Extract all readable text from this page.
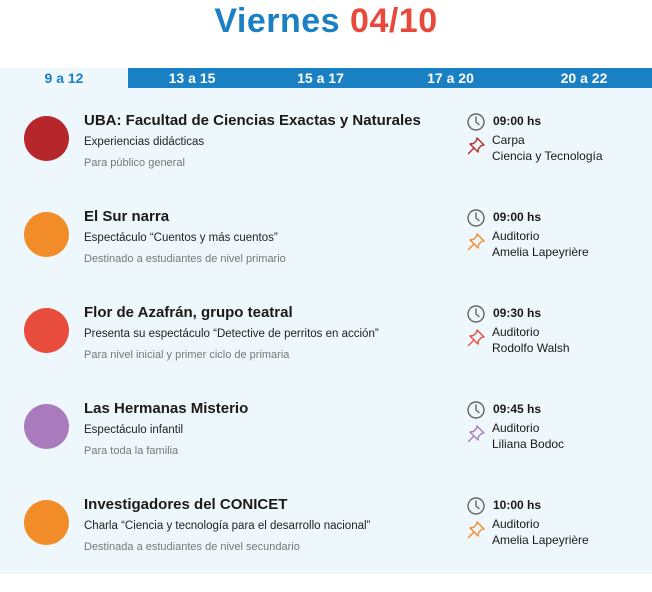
Viernes 04/10
9 a 12	13 a 15	15 a 17	17 a 20	20 a 22
UBA: Facultad de Ciencias Exactas y Naturales
Experiencias didácticas
Para público general
09:00 hs
Carpa
Ciencia y Tecnología
El Sur narra
Espectáculo “Cuentos y más cuentos”
Destinado a estudiantes de nivel primario
09:00 hs
Auditorio
Amelia Lapeyrière
Flor de Azafrán, grupo teatral
Presenta su espectáculo “Detective de perritos en acción”
Para nivel inicial y primer ciclo de primaria
09:30 hs
Auditorio
Rodolfo Walsh
Las Hermanas Misterio
Espectáculo infantil
Para toda la familia
09:45 hs
Auditorio
Liliana Bodoc
Investigadores del CONICET
Charla “Ciencia y tecnología para el desarrollo nacional”
Destinada a estudiantes de nivel secundario
10:00 hs
Auditorio
Amelia Lapeyrière
